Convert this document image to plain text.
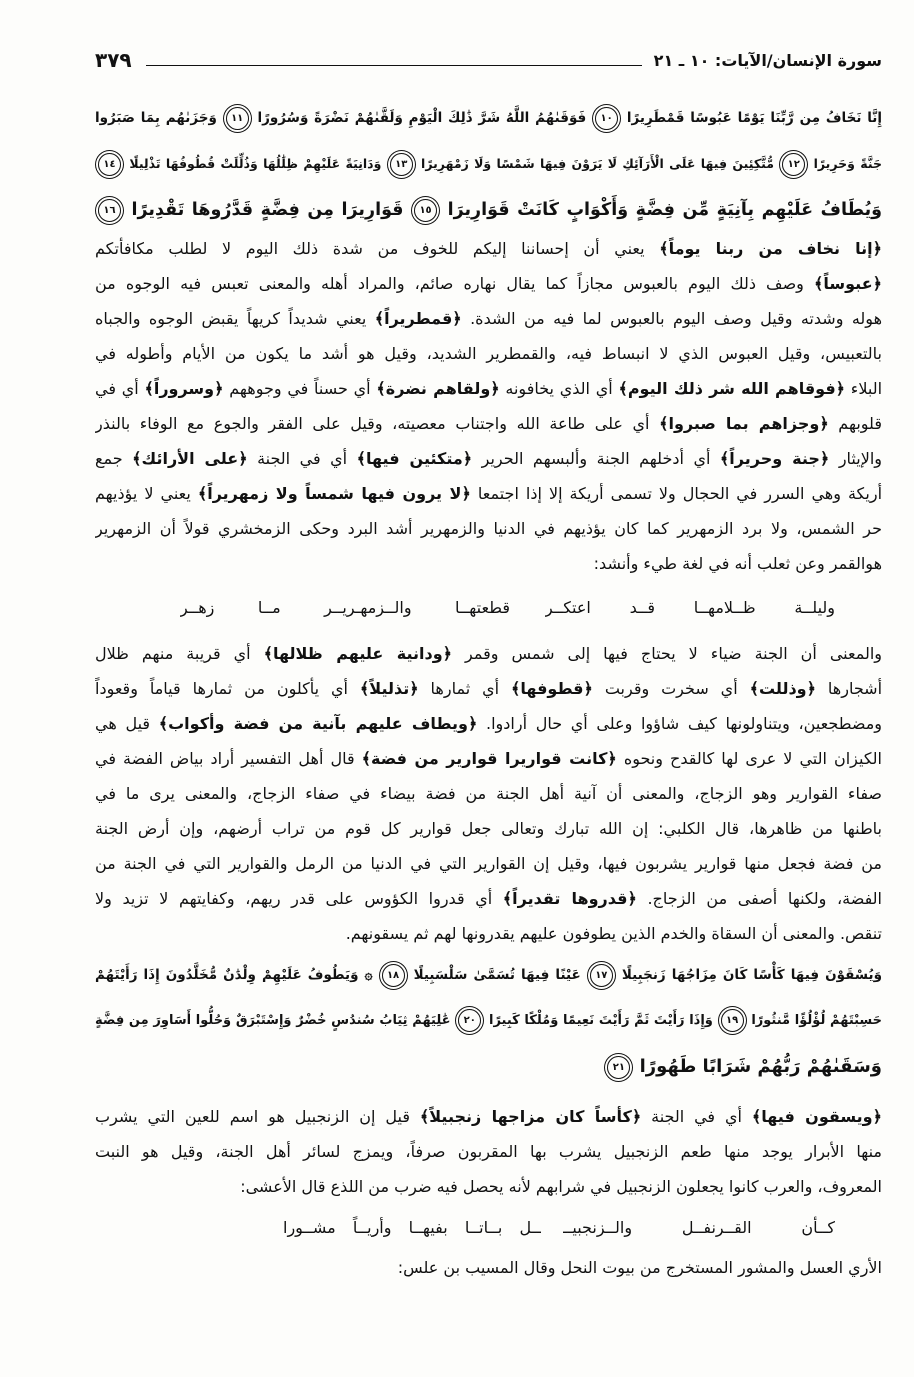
سورة الإنسان/الآيات: ١٠ ـ ٢١
٣٧٩
إِنَّا نَخَافُ مِن رَّبِّنَا يَوْمًا عَبُوسًا قَمْطَرِيرًا ١٠ فَوَقَىٰهُمُ اللَّهُ شَرَّ ذَٰلِكَ الْيَوْمِ وَلَقَّىٰهُمْ نَضْرَةً وَسُرُورًا ١١ وَجَزَىٰهُم بِمَا صَبَرُوا
جَنَّةً وَحَرِيرًا ١٢ مُّتَّكِئِينَ فِيهَا عَلَى الْأَرَآئِكِ لَا يَرَوْنَ فِيهَا شَمْسًا وَلَا زَمْهَرِيرًا ١٣ وَدَانِيَةً عَلَيْهِمْ ظِلَٰلُهَا وَذُلِّلَتْ قُطُوفُهَا تَذْلِيلًا ١٤
وَيُطَافُ عَلَيْهِم بِآنِيَةٍ مِّن فِضَّةٍ وَأَكْوَابٍ كَانَتْ قَوَارِيرَا ١٥ قَوَارِيرَا مِن فِضَّةٍ قَدَّرُوهَا تَقْدِيرًا ١٦
﴿إنا نخاف من ربنا يوماً﴾ يعني أن إحساننا إليكم للخوف من شدة ذلك اليوم لا لطلب مكافأتكم
﴿عبوساً﴾ وصف ذلك اليوم بالعبوس مجازاً كما يقال نهاره صائم، والمراد أهله والمعنى تعبس فيه الوجوه من
هوله وشدته وقيل وصف اليوم بالعبوس لما فيه من الشدة. ﴿قمطريراً﴾ يعني شديداً كريهاً يقبض الوجوه والجباه
بالتعبيس، وقيل العبوس الذي لا انبساط فيه، والقمطرير الشديد، وقيل هو أشد ما يكون من الأيام وأطوله في
البلاء ﴿فوقاهم الله شر ذلك اليوم﴾ أي الذي يخافونه ﴿ولقاهم نضرة﴾ أي حسناً في وجوههم ﴿وسروراً﴾ أي في
قلوبهم ﴿وجزاهم بما صبروا﴾ أي على طاعة الله واجتناب معصيته، وقيل على الفقر والجوع مع الوفاء بالنذر
والإيثار ﴿جنة وحريراً﴾ أي أدخلهم الجنة وألبسهم الحرير ﴿متكئين فيها﴾ أي في الجنة ﴿على الأرائك﴾ جمع
أريكة وهي السرر في الحجال ولا تسمى أريكة إلا إذا اجتمعا ﴿لا يرون فيها شمساً ولا زمهريراً﴾ يعني لا يؤذيهم
حر الشمس، ولا برد الزمهرير كما كان يؤذيهم في الدنيا والزمهرير أشد البرد وحكى الزمخشري قولاً أن الزمهرير
هوالقمر وعن ثعلب أنه في لغة طيء وأنشد:
وليلــة ظــلامهــا قــد اعتكــر
قطعتهــا والــزمهـريــر مــا زهــر
والمعنى أن الجنة ضياء لا يحتاج فيها إلى شمس وقمر ﴿ودانية عليهم ظلالها﴾ أي قريبة منهم ظلال
أشجارها ﴿وذللت﴾ أي سخرت وقربت ﴿قطوفها﴾ أي ثمارها ﴿تذليلاً﴾ أي يأكلون من ثمارها قياماً وقعوداً
ومضطجعين، ويتناولونها كيف شاؤوا وعلى أي حال أرادوا. ﴿ويطاف عليهم بآنية من فضة وأكواب﴾ قيل هي
الكيزان التي لا عرى لها كالقدح ونحوه ﴿كانت قواريرا قوارير من فضة﴾ قال أهل التفسير أراد بياض الفضة في
صفاء القوارير وهو الزجاج، والمعنى أن آنية أهل الجنة من فضة بيضاء في صفاء الزجاج، والمعنى يرى ما في
باطنها من ظاهرها، قال الكلبي: إن الله تبارك وتعالى جعل قوارير كل قوم من تراب أرضهم، وإن أرض الجنة
من فضة فجعل منها قوارير يشربون فيها، وقيل إن القوارير التي في الدنيا من الرمل والقوارير التي في الجنة من
الفضة، ولكنها أصفى من الزجاج. ﴿قدروها تقديراً﴾ أي قدروا الكؤوس على قدر ريهم، وكفايتهم لا تزيد ولا
تنقص. والمعنى أن السقاة والخدم الذين يطوفون عليهم يقدرونها لهم ثم يسقونهم.
وَيُسْقَوْنَ فِيهَا كَأْسًا كَانَ مِزَاجُهَا زَنجَبِيلًا ١٧ عَيْنًا فِيهَا تُسَمَّىٰ سَلْسَبِيلًا ١٨ ۞ وَيَطُوفُ عَلَيْهِمْ وِلْدَٰنٌ مُّخَلَّدُونَ إِذَا رَأَيْتَهُمْ
حَسِبْتَهُمْ لُؤْلُؤًا مَّنثُورًا ١٩ وَإِذَا رَأَيْتَ ثَمَّ رَأَيْتَ نَعِيمًا وَمُلْكًا كَبِيرًا ٢٠ عَٰلِيَهُمْ ثِيَابُ سُندُسٍ خُضْرٌ وَإِسْتَبْرَقٌ وَحُلُّوا أَسَاوِرَ مِن فِضَّةٍ
وَسَقَىٰهُمْ رَبُّهُمْ شَرَابًا طَهُورًا ٢١
﴿ويسقون فيها﴾ أي في الجنة ﴿كأساً كان مزاجها زنجبيلاً﴾ قيل إن الزنجبيل هو اسم للعين التي يشرب
منها الأبرار يوجد منها طعم الزنجبيل يشرب بها المقربون صرفاً، ويمزج لسائر أهل الجنة، وقيل هو النبت
المعروف، والعرب كانوا يجعلون الزنجبيل في شرابهم لأنه يحصل فيه ضرب من اللذع قال الأعشى:
كــأن القــرنفــل والــزنجبيــ
ــل بــاتــا بفيهــا وأريــاً مشــورا
الأري العسل والمشور المستخرج من بيوت النحل وقال المسيب بن علس:
